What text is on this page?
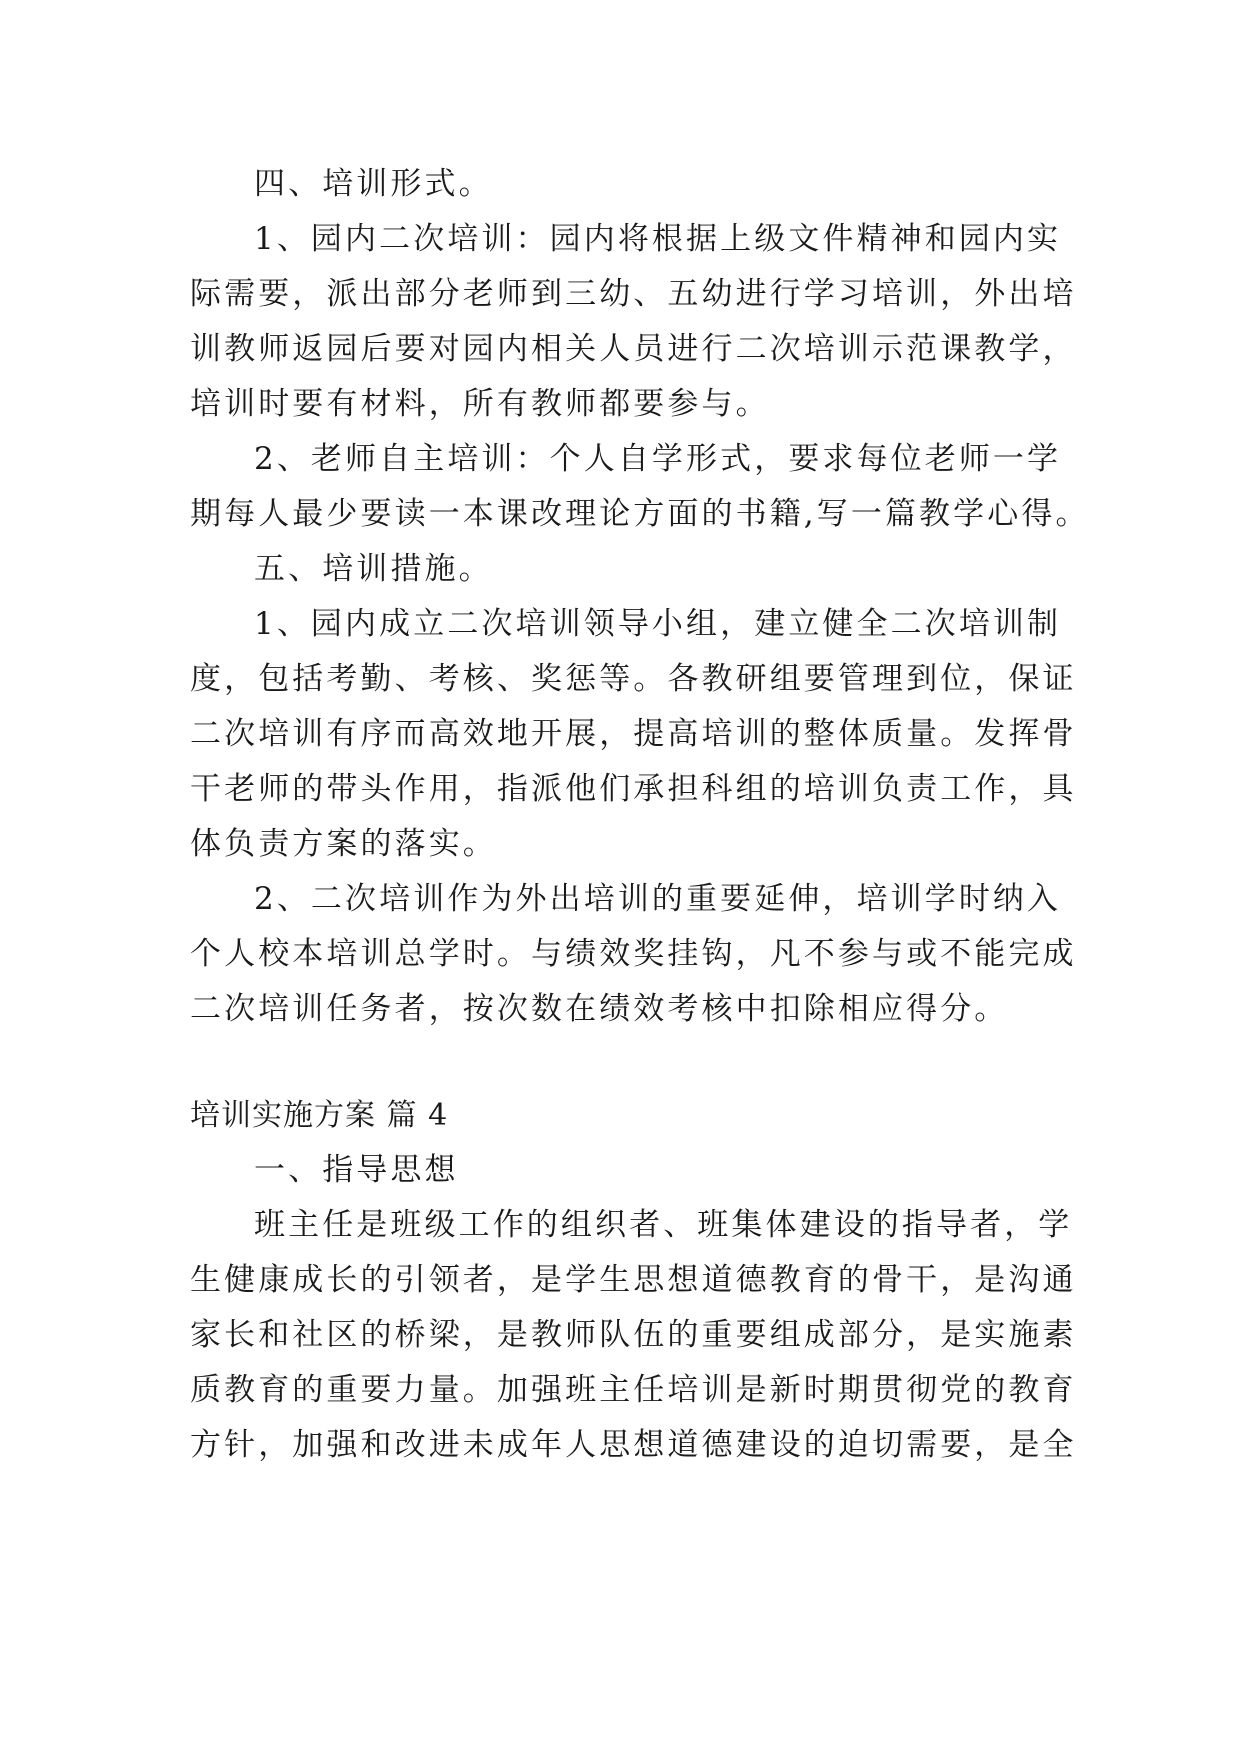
四、培训形式。
1、园内二次培训：园内将根据上级文件精神和园内实
际需要，派出部分老师到三幼、五幼进行学习培训，外出培
训教师返园后要对园内相关人员进行二次培训示范课教学，
培训时要有材料，所有教师都要参与。
2、老师自主培训：个人自学形式，要求每位老师一学
期每人最少要读一本课改理论方面的书籍,写一篇教学心得。
五、培训措施。
1、园内成立二次培训领导小组，建立健全二次培训制
度，包括考勤、考核、奖惩等。各教研组要管理到位，保证
二次培训有序而高效地开展，提高培训的整体质量。发挥骨
干老师的带头作用，指派他们承担科组的培训负责工作，具
体负责方案的落实。
2、二次培训作为外出培训的重要延伸，培训学时纳入
个人校本培训总学时。与绩效奖挂钩，凡不参与或不能完成
二次培训任务者，按次数在绩效考核中扣除相应得分。
培训实施方案 篇 4
一、指导思想
班主任是班级工作的组织者、班集体建设的指导者，学
生健康成长的引领者，是学生思想道德教育的骨干，是沟通
家长和社区的桥梁，是教师队伍的重要组成部分，是实施素
质教育的重要力量。加强班主任培训是新时期贯彻党的教育
方针，加强和改进未成年人思想道德建设的迫切需要，是全
